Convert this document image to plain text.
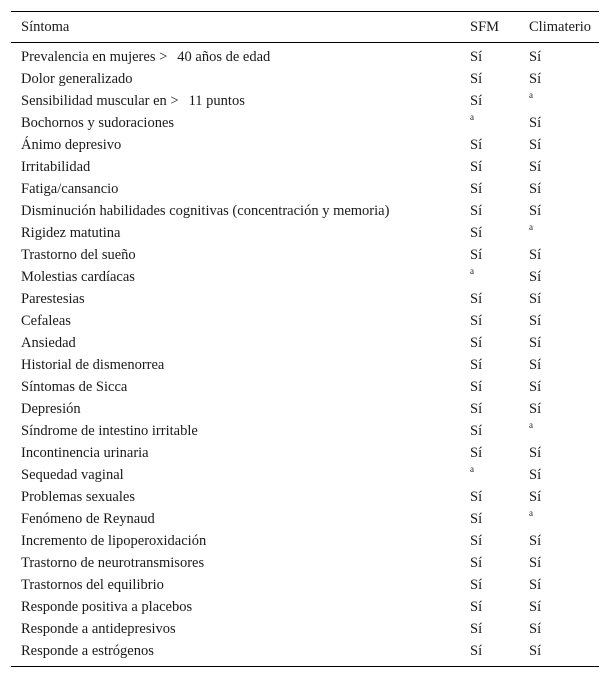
Síntoma	SFM	Climaterio
Prevalencia en mujeres > 40 años de edad	Sí	Sí
Dolor generalizado	Sí	Sí
Sensibilidad muscular en > 11 puntos	Sí	a
Bochornos y sudoraciones	a	Sí
Ánimo depresivo	Sí	Sí
Irritabilidad	Sí	Sí
Fatiga/cansancio	Sí	Sí
Disminución habilidades cognitivas (concentración y memoria)	Sí	Sí
Rigidez matutina	Sí	a
Trastorno del sueño	Sí	Sí
Molestias cardíacas	a	Sí
Parestesias	Sí	Sí
Cefaleas	Sí	Sí
Ansiedad	Sí	Sí
Historial de dismenorrea	Sí	Sí
Síntomas de Sicca	Sí	Sí
Depresión	Sí	Sí
Síndrome de intestino irritable	Sí	a
Incontinencia urinaria	Sí	Sí
Sequedad vaginal	a	Sí
Problemas sexuales	Sí	Sí
Fenómeno de Reynaud	Sí	a
Incremento de lipoperoxidación	Sí	Sí
Trastorno de neurotransmisores	Sí	Sí
Trastornos del equilibrio	Sí	Sí
Responde positiva a placebos	Sí	Sí
Responde a antidepresivos	Sí	Sí
Responde a estrógenos	Sí	Sí
